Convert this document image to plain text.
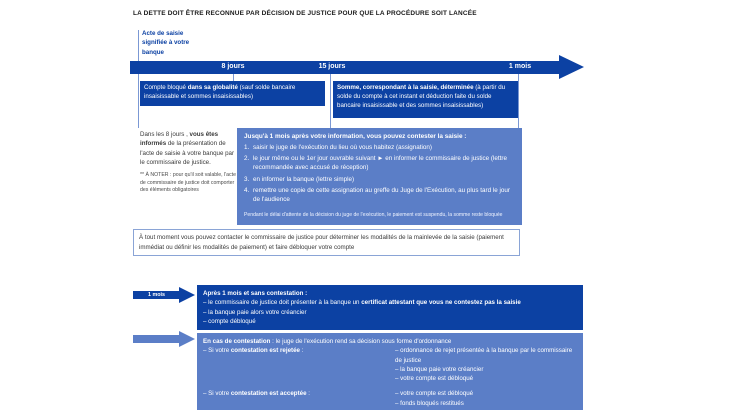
LA DETTE DOIT ÊTRE RECONNUE PAR DÉCISION DE JUSTICE POUR QUE LA PROCÉDURE SOIT LANCÉE
Acte de saisie signifiée à votre banque
8 jours	15 jours	1 mois
Compte bloqué dans sa globalité (sauf solde bancaire insaisissable et sommes insaisissables)
Somme, correspondant à la saisie, déterminée (à partir du solde du compte à cet instant et déduction faite du solde bancaire insaisissable et des sommes insaisissables)
Dans les 8 jours , vous êtes informés de la présentation de l'acte de saisie à votre banque par le commissaire de justice.
** À NOTER : pour qu'il soit valable, l'acte de commissaire de justice doit comporter des éléments obligatoires
Jusqu'à 1 mois après votre information, vous pouvez contester la saisie :
1. saisir le juge de l'exécution du lieu où vous habitez (assignation)
2. le jour même ou le 1er jour ouvrable suivant ► en informer le commissaire de justice (lettre recommandée avec accusé de réception)
3. en informer la banque (lettre simple)
4. remettre une copie de cette assignation au greffe du Juge de l'Exécution, au plus tard le jour de l'audience
Pendant le délai d'attente de la décision du juge de l'exécution, le paiement est suspendu, la somme reste bloquée
À tout moment vous pouvez contacter le commissaire de justice pour déterminer les modalités de la mainlevée de la saisie (paiement immédiat ou définir les modalités de paiement) et faire débloquer votre compte
1 mois	Après 1 mois et sans contestation :
– le commissaire de justice doit présenter à la banque un certificat attestant que vous ne contestez pas la saisie
– la banque paie alors votre créancier
– compte débloqué
En cas de contestation : le juge de l'exécution rend sa décision sous forme d'ordonnance
– Si votre contestation est rejetée :	– ordonnance de rejet présentée à la banque par le commissaire de justice
– la banque paie votre créancier
– votre compte est débloqué
– Si votre contestation est acceptée :	– votre compte est débloqué
– fonds bloqués restitués
